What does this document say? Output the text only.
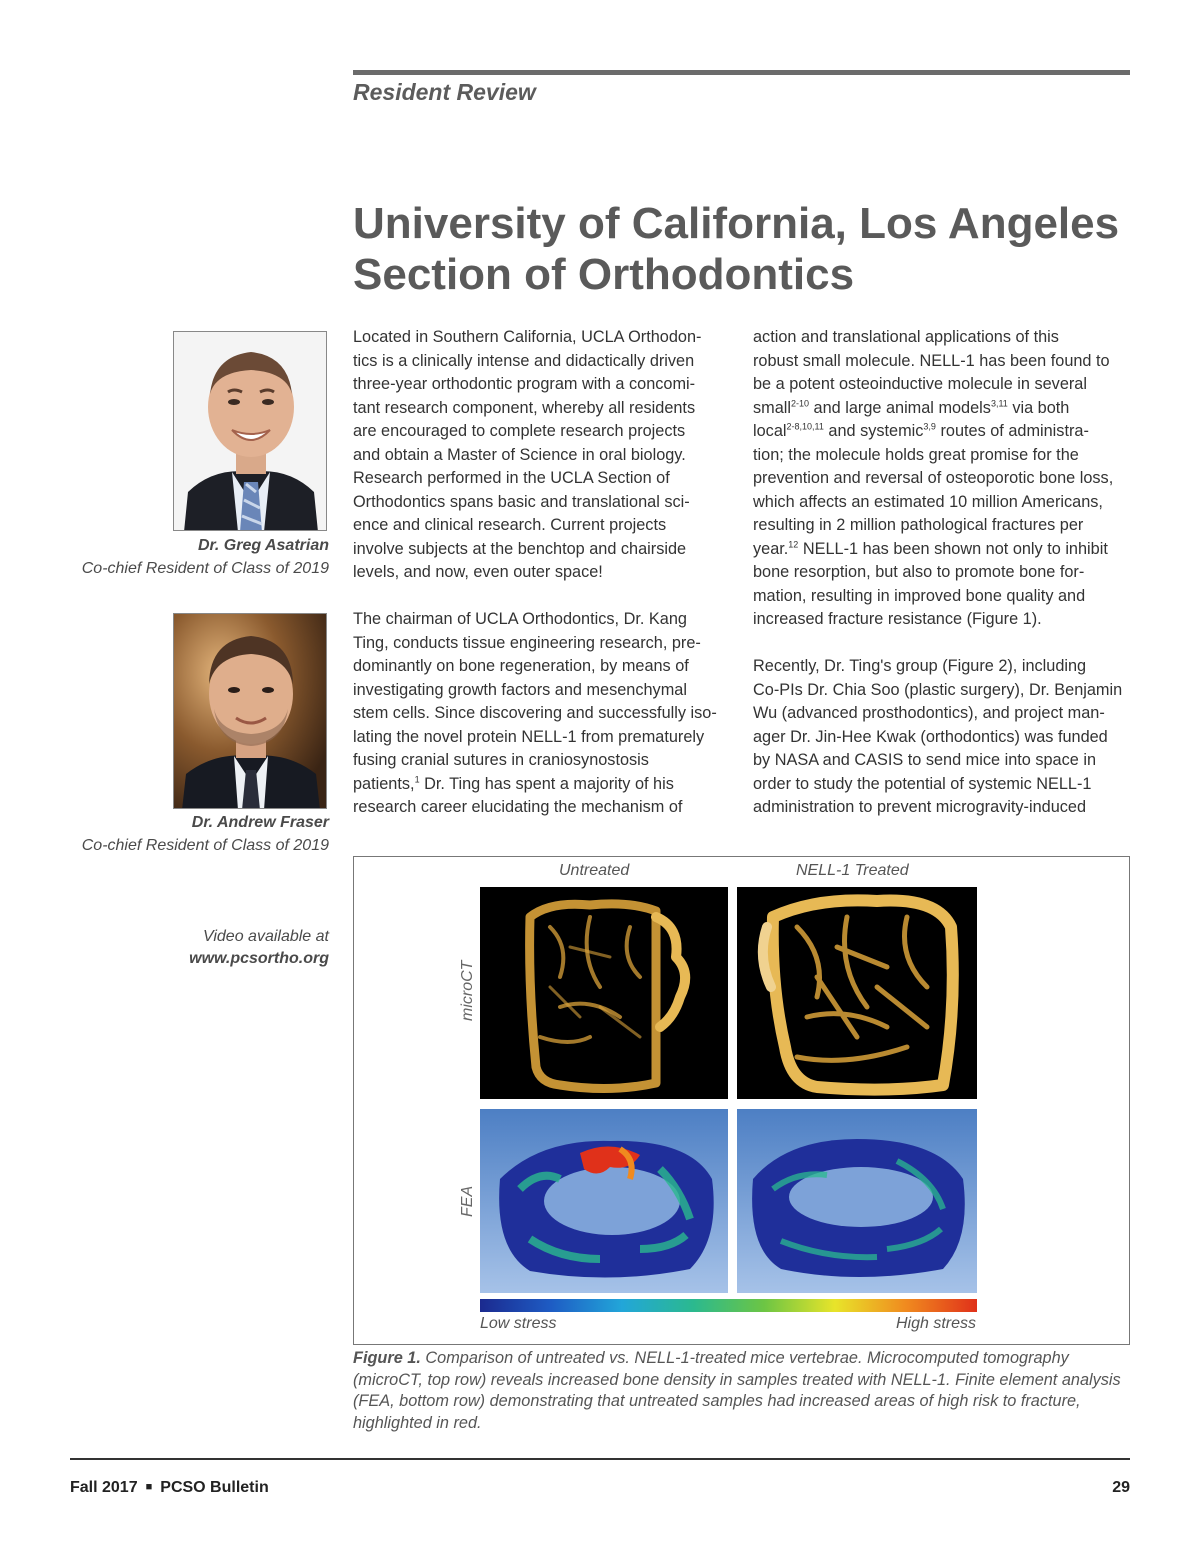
Resident Review
University of California, Los Angeles
Section of Orthodontics
Dr. Greg Asatrian
Co-chief Resident of Class of 2019
Dr. Andrew Fraser
Co-chief Resident of Class of 2019
Video available at
www.pcsortho.org

Located in Southern California, UCLA Orthodon-
tics is a clinically intense and didactically driven
three-year orthodontic program with a concomi-
tant research component, whereby all residents
are encouraged to complete research projects
and obtain a Master of Science in oral biology.
Research performed in the UCLA Section of
Orthodontics spans basic and translational sci-
ence and clinical research. Current projects
involve subjects at the benchtop and chairside
levels, and now, even outer space!

The chairman of UCLA Orthodontics, Dr. Kang
Ting, conducts tissue engineering research, pre-
dominantly on bone regeneration, by means of
investigating growth factors and mesenchymal
stem cells. Since discovering and successfully iso-
lating the novel protein NELL-1 from prematurely
fusing cranial sutures in craniosynostosis
patients,$^1$ Dr. Ting has spent a majority of his
research career elucidating the mechanism of

action and translational applications of this
robust small molecule. NELL-1 has been found to
be a potent osteoinductive molecule in several
small$^{2-10}$ and large animal models$^{3,11}$ via both
local$^{2-8,10,11}$ and systemic$^{3,9}$ routes of administra-
tion; the molecule holds great promise for the
prevention and reversal of osteoporotic bone loss,
which affects an estimated 10 million Americans,
resulting in 2 million pathological fractures per
year.$^{12}$ NELL-1 has been shown not only to inhibit
bone resorption, but also to promote bone for-
mation, resulting in improved bone quality and
increased fracture resistance (Figure 1).

Recently, Dr. Ting's group (Figure 2), including
Co-PIs Dr. Chia Soo (plastic surgery), Dr. Benjamin
Wu (advanced prosthodontics), and project man-
ager Dr. Jin-Hee Kwak (orthodontics) was funded
by NASA and CASIS to send mice into space in
order to study the potential of systemic NELL-1
administration to prevent microgravity-induced

Untreated	NELL-1 Treated
microCT
FEA
Low stress	High stress
Figure 1. Comparison of untreated vs. NELL-1-treated mice vertebrae. Microcomputed tomography
(microCT, top row) reveals increased bone density in samples treated with NELL-1. Finite element analysis
(FEA, bottom row) demonstrating that untreated samples had increased areas of high risk to fracture,
highlighted in red.
Fall 2017 ■ PCSO Bulletin	29
